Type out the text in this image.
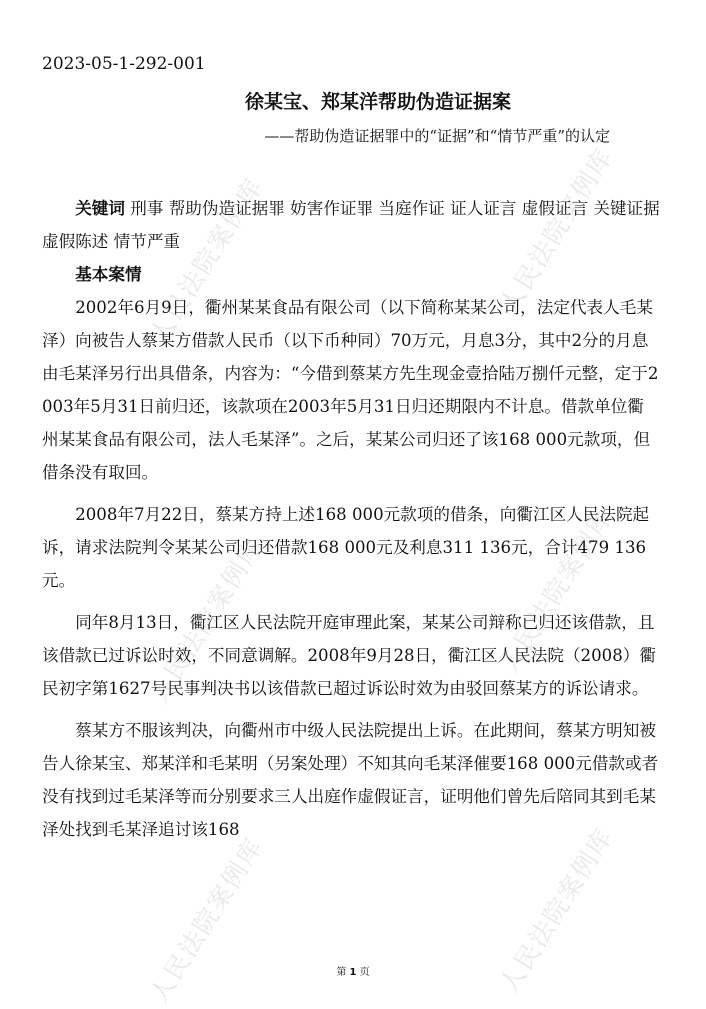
2023-05-1-292-001
徐某宝、郑某洋帮助伪造证据案
——帮助伪造证据罪中的“证据”和“情节严重”的认定

关键词 刑事 帮助伪造证据罪 妨害作证罪 当庭作证 证人证言 虚假证言 关键证据 虚假陈述 情节严重

基本案情

2002年6月9日，衢州某某食品有限公司（以下简称某某公司，法定代表人毛某泽）向被告人蔡某方借款人民币（以下币种同）70万元，月息3分，其中2分的月息由毛某泽另行出具借条，内容为：“今借到蔡某方先生现金壹拾陆万捌仟元整，定于2003年5月31日前归还，该款项在2003年5月31日归还期限内不计息。借款单位衢州某某食品有限公司，法人毛某泽”。之后，某某公司归还了该168 000元款项，但借条没有取回。

2008年7月22日，蔡某方持上述168 000元款项的借条，向衢江区人民法院起诉，请求法院判令某某公司归还借款168 000元及利息311 136元，合计479 136元。

同年8月13日，衢江区人民法院开庭审理此案，某某公司辩称已归还该借款，且该借款已过诉讼时效，不同意调解。2008年9月28日，衢江区人民法院（2008）衢民初字第1627号民事判决书以该借款已超过诉讼时效为由驳回蔡某方的诉讼请求。

蔡某方不服该判决，向衢州市中级人民法院提出上诉。在此期间，蔡某方明知被告人徐某宝、郑某洋和毛某明（另案处理）不知其向毛某泽催要168 000元借款或者没有找到过毛某泽等而分别要求三人出庭作虚假证言，证明他们曾先后陪同其到毛某泽处找到毛某泽追讨该168

第 1 页
人民法院案例库	人民法院案例库
人民法院案例库	人民法院案例库
人民法院案例库	人民法院案例库
